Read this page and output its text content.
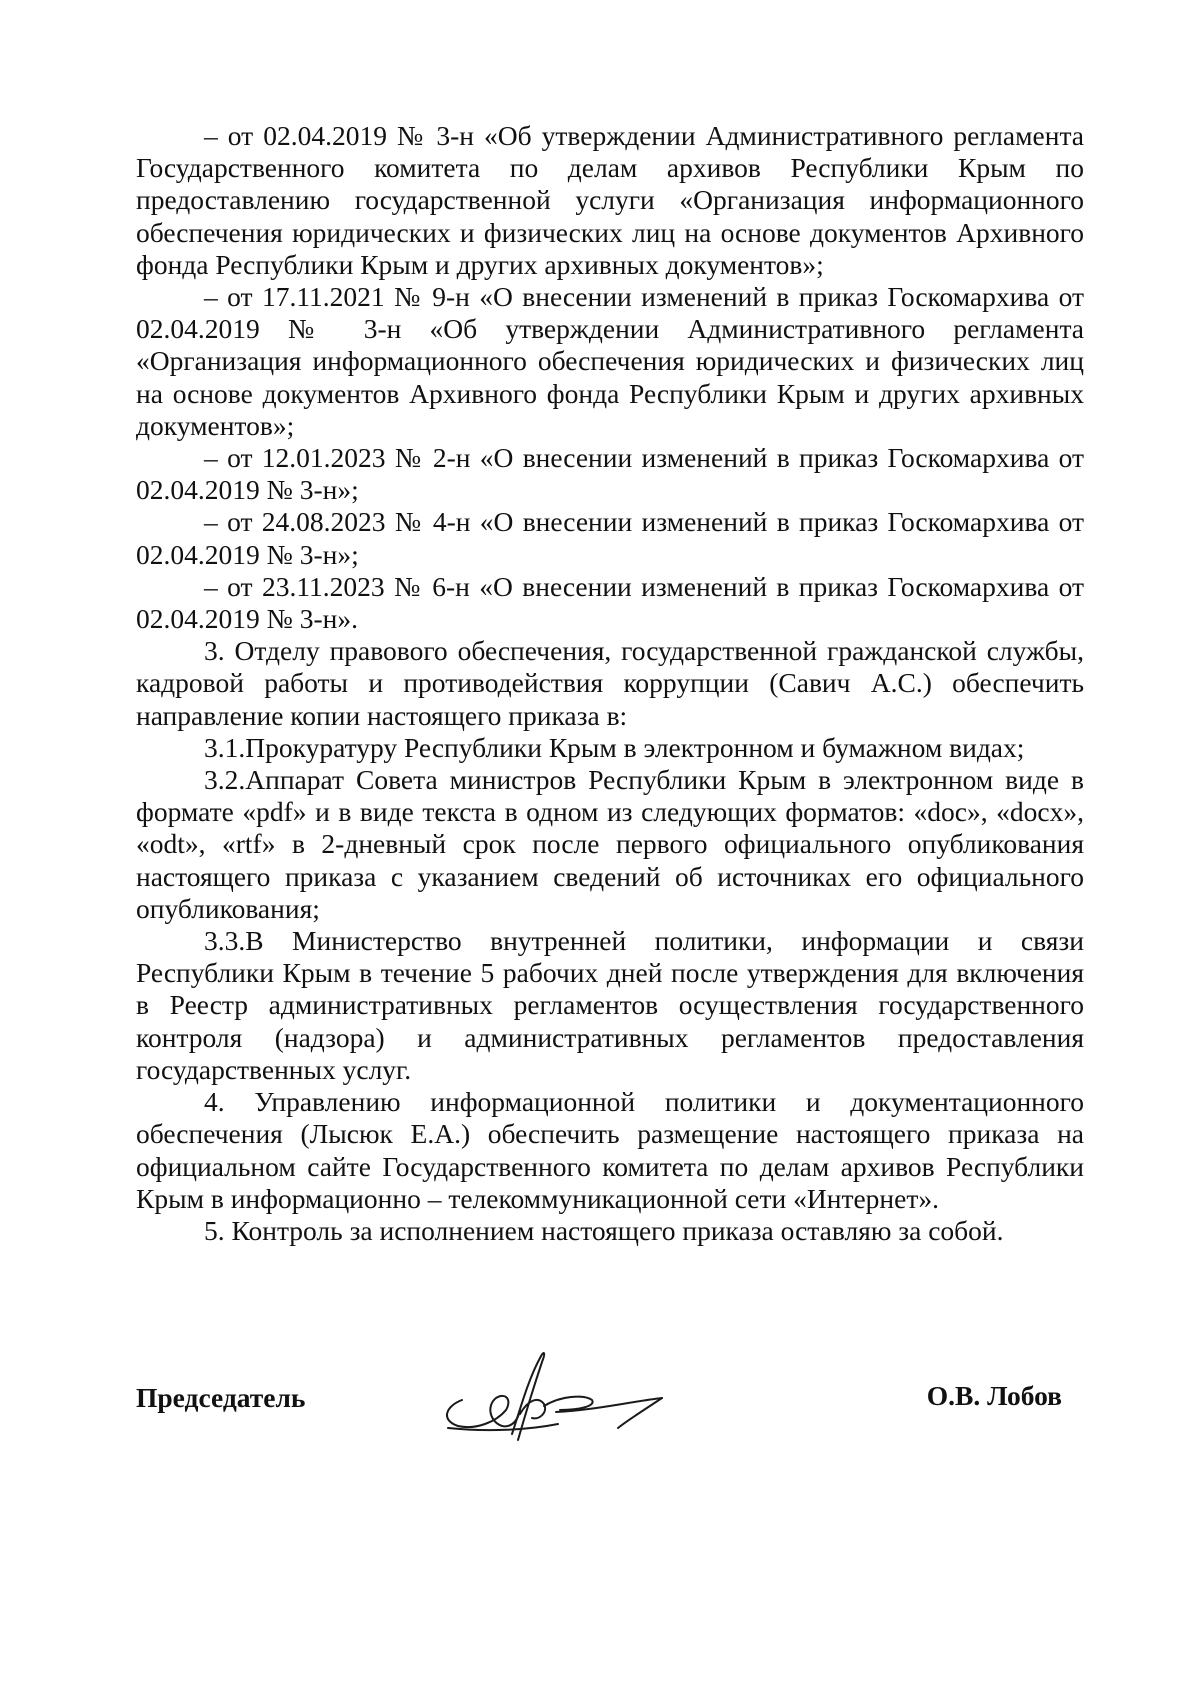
– от 02.04.2019 № 3-н «Об утверждении Административного регламента Государственного комитета по делам архивов Республики Крым по предоставлению государственной услуги «Организация информационного обеспечения юридических и физических лиц на основе документов Архивного фонда Республики Крым и других архивных документов»;

– от 17.11.2021 № 9-н «О внесении изменений в приказ Госкомархива от 02.04.2019 № 3-н «Об утверждении Административного регламента «Организация информационного обеспечения юридических и физических лиц на основе документов Архивного фонда Республики Крым и других архивных документов»;

– от 12.01.2023 № 2-н «О внесении изменений в приказ Госкомархива от 02.04.2019 № 3-н»;

– от 24.08.2023 № 4-н «О внесении изменений в приказ Госкомархива от 02.04.2019 № 3-н»;

– от 23.11.2023 № 6-н «О внесении изменений в приказ Госкомархива от 02.04.2019 № 3-н».

3. Отделу правового обеспечения, государственной гражданской службы, кадровой работы и противодействия коррупции (Савич А.С.) обеспечить направление копии настоящего приказа в:

3.1.Прокуратуру Республики Крым в электронном и бумажном видах;

3.2.Аппарат Совета министров Республики Крым в электронном виде в формате «pdf» и в виде текста в одном из следующих форматов: «doc», «docx», «odt», «rtf» в 2-дневный срок после первого официального опубликования настоящего приказа с указанием сведений об источниках его официального опубликования;

3.3.В Министерство внутренней политики, информации и связи Республики Крым в течение 5 рабочих дней после утверждения для включения в Реестр административных регламентов осуществления государственного контроля (надзора) и административных регламентов предоставления государственных услуг.

4. Управлению информационной политики и документационного обеспечения (Лысюк Е.А.) обеспечить размещение настоящего приказа на официальном сайте Государственного комитета по делам архивов Республики Крым в информационно – телекоммуникационной сети «Интернет».

5. Контроль за исполнением настоящего приказа оставляю за собой.

Председатель	О.В. Лобов
